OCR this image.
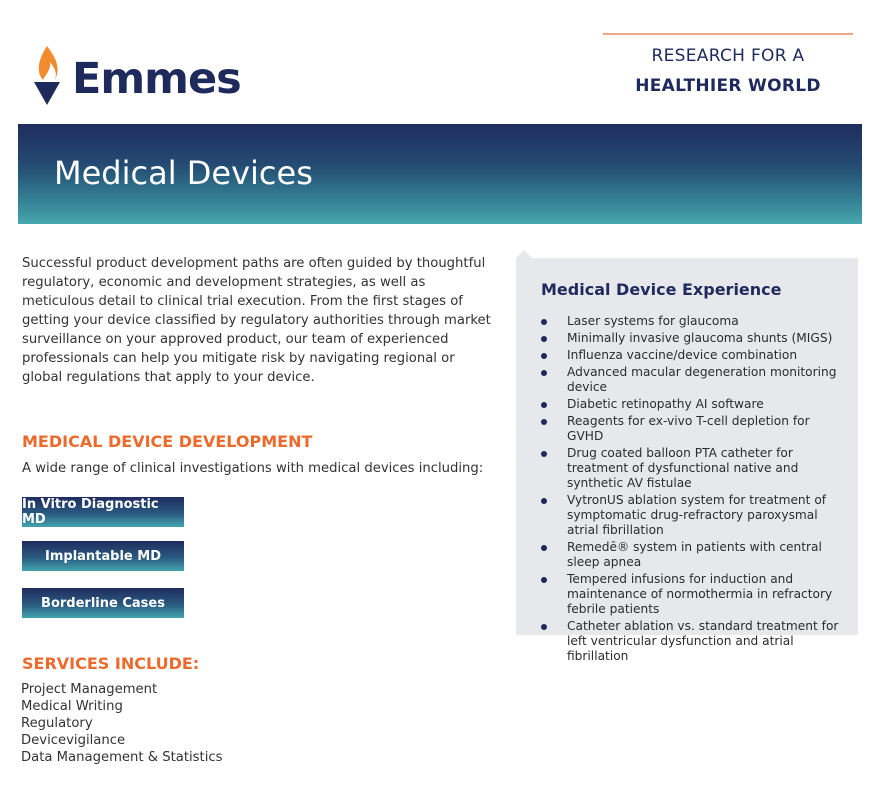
Emmes	RESEARCH FOR A
HEALTHIER WORLD
Medical Devices

Successful product development paths are often guided by thoughtful regulatory, economic and development strategies, as well as meticulous detail to clinical trial execution. From the first stages of getting your device classified by regulatory authorities through market surveillance on your approved product, our team of experienced professionals can help you mitigate risk by navigating regional or global regulations that apply to your device.

MEDICAL DEVICE DEVELOPMENT
A wide range of clinical investigations with medical devices including:
In Vitro Diagnostic MD
Implantable MD
Borderline Cases
SERVICES INCLUDE:
Project Management
Medical Writing
Regulatory
Devicevigilance
Data Management & Statistics
Medical Device Experience
Laser systems for glaucoma
Minimally invasive glaucoma shunts (MIGS)
Influenza vaccine/device combination
Advanced macular degeneration monitoring device
Diabetic retinopathy AI software
Reagents for ex-vivo T-cell depletion for GVHD
Drug coated balloon PTA catheter for treatment of dysfunctional native and synthetic AV fistulae
VytronUS ablation system for treatment of symptomatic drug-refractory paroxysmal atrial fibrillation
Remedē® system in patients with central sleep apnea
Tempered infusions for induction and maintenance of normothermia in refractory febrile patients
Catheter ablation vs. standard treatment for left ventricular dysfunction and atrial fibrillation
